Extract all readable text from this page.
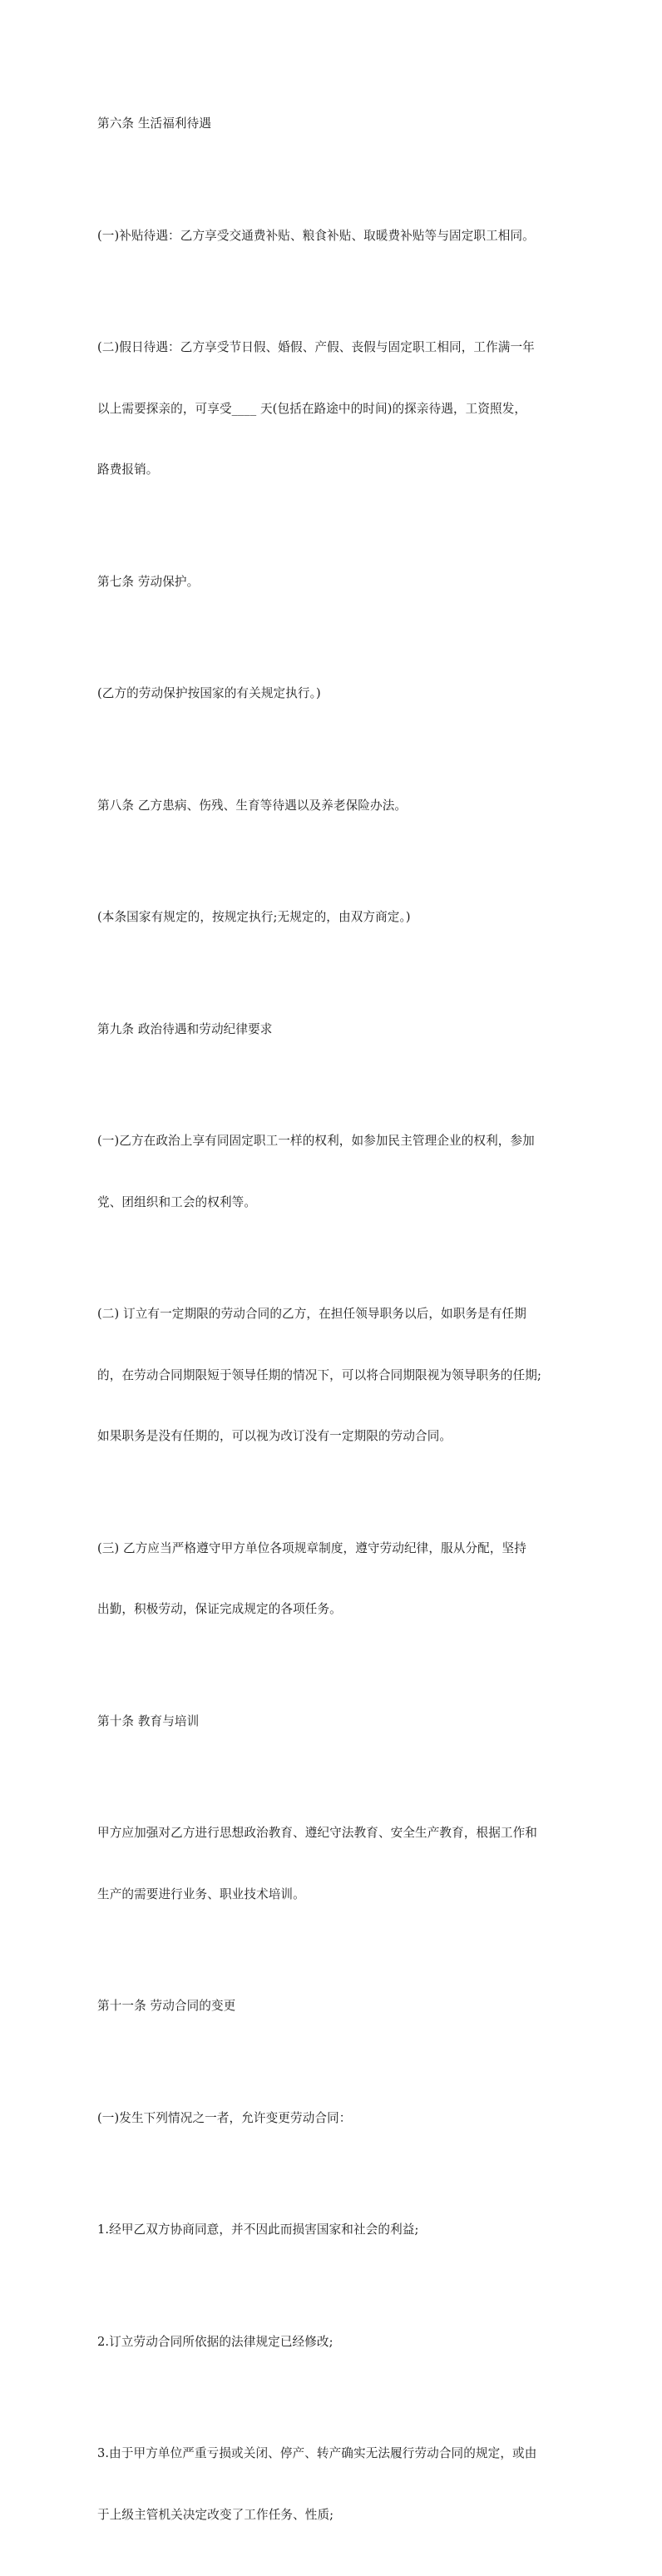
第六条 生活福利待遇

(一)补贴待遇：乙方享受交通费补贴、粮食补贴、取暖费补贴等与固定职工相同。

(二)假日待遇：乙方享受节日假、婚假、产假、丧假与固定职工相同，工作满一年

以上需要探亲的，可享受____ 天(包括在路途中的时间)的探亲待遇，工资照发，

路费报销。

第七条 劳动保护。

(乙方的劳动保护按国家的有关规定执行。)

第八条 乙方患病、伤残、生育等待遇以及养老保险办法。

(本条国家有规定的，按规定执行;无规定的，由双方商定。)

第九条 政治待遇和劳动纪律要求

(一)乙方在政治上享有同固定职工一样的权利，如参加民主管理企业的权利，参加

党、团组织和工会的权利等。

(二) 订立有一定期限的劳动合同的乙方，在担任领导职务以后，如职务是有任期

的，在劳动合同期限短于领导任期的情况下，可以将合同期限视为领导职务的任期;

如果职务是没有任期的，可以视为改订没有一定期限的劳动合同。

(三) 乙方应当严格遵守甲方单位各项规章制度，遵守劳动纪律，服从分配，坚持

出勤，积极劳动，保证完成规定的各项任务。

第十条 教育与培训

甲方应加强对乙方进行思想政治教育、遵纪守法教育、安全生产教育，根据工作和

生产的需要进行业务、职业技术培训。

第十一条 劳动合同的变更

(一)发生下列情况之一者，允许变更劳动合同：

1.经甲乙双方协商同意，并不因此而损害国家和社会的利益;

2.订立劳动合同所依据的法律规定已经修改;

3.由于甲方单位严重亏损或关闭、停产、转产确实无法履行劳动合同的规定，或由

于上级主管机关决定改变了工作任务、性质;
